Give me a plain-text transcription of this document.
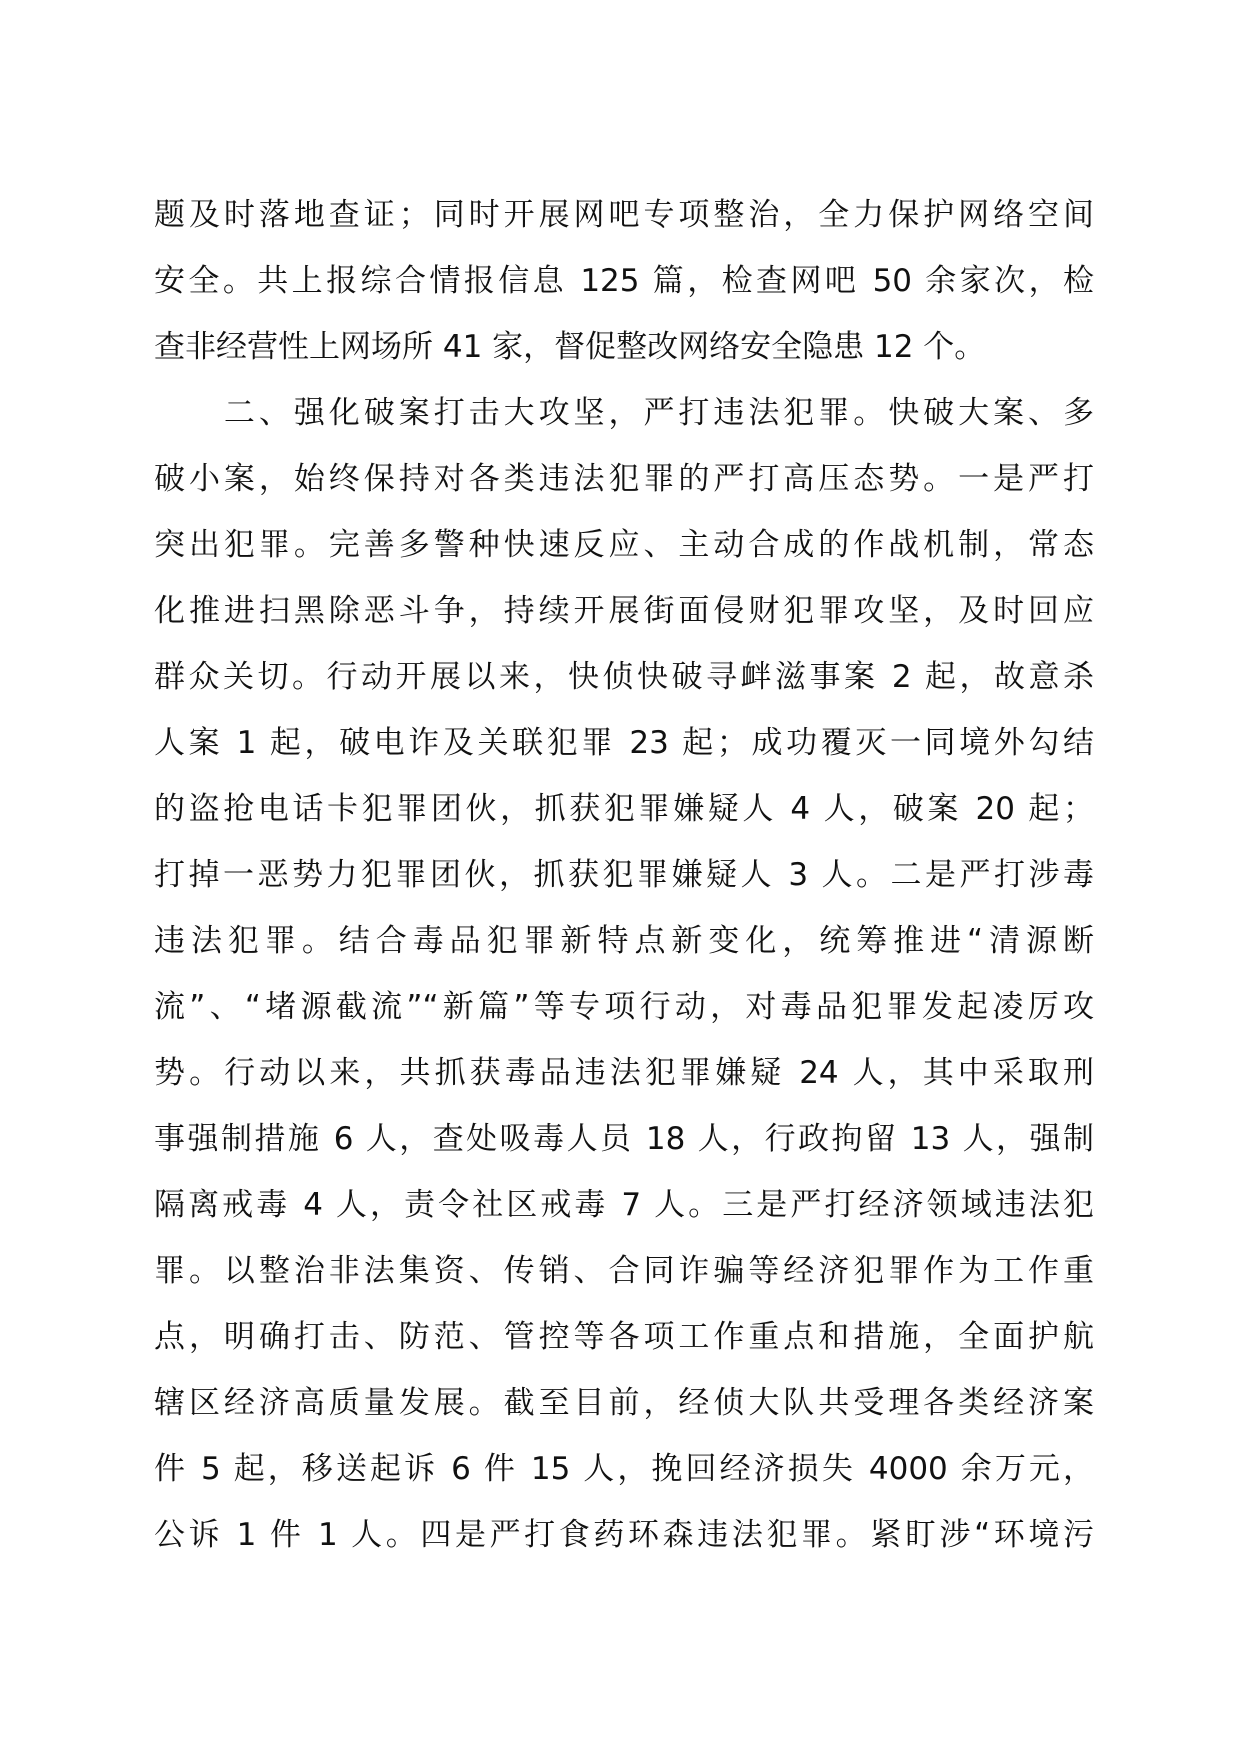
题及时落地查证；同时开展网吧专项整治，全力保护网络空间
安全。共上报综合情报信息 125 篇，检查网吧 50 余家次，检
查非经营性上网场所 41 家，督促整改网络安全隐患 12 个。
　　二、强化破案打击大攻坚，严打违法犯罪。快破大案、多
破小案，始终保持对各类违法犯罪的严打高压态势。一是严打
突出犯罪。完善多警种快速反应、主动合成的作战机制，常态
化推进扫黑除恶斗争，持续开展街面侵财犯罪攻坚，及时回应
群众关切。行动开展以来，快侦快破寻衅滋事案 2 起，故意杀
人案 1 起，破电诈及关联犯罪 23 起；成功覆灭一同境外勾结
的盗抢电话卡犯罪团伙，抓获犯罪嫌疑人 4 人，破案 20 起；
打掉一恶势力犯罪团伙，抓获犯罪嫌疑人 3 人。二是严打涉毒
违法犯罪。结合毒品犯罪新特点新变化，统筹推进“清源断
流”、“堵源截流”“新篇”等专项行动，对毒品犯罪发起凌厉攻
势。行动以来，共抓获毒品违法犯罪嫌疑 24 人，其中采取刑
事强制措施 6 人，查处吸毒人员 18 人，行政拘留 13 人，强制
隔离戒毒 4 人，责令社区戒毒 7 人。三是严打经济领域违法犯
罪。以整治非法集资、传销、合同诈骗等经济犯罪作为工作重
点，明确打击、防范、管控等各项工作重点和措施，全面护航
辖区经济高质量发展。截至目前，经侦大队共受理各类经济案
件 5 起，移送起诉 6 件 15 人，挽回经济损失 4000 余万元，
公诉 1 件 1 人。四是严打食药环森违法犯罪。紧盯涉“环境污
